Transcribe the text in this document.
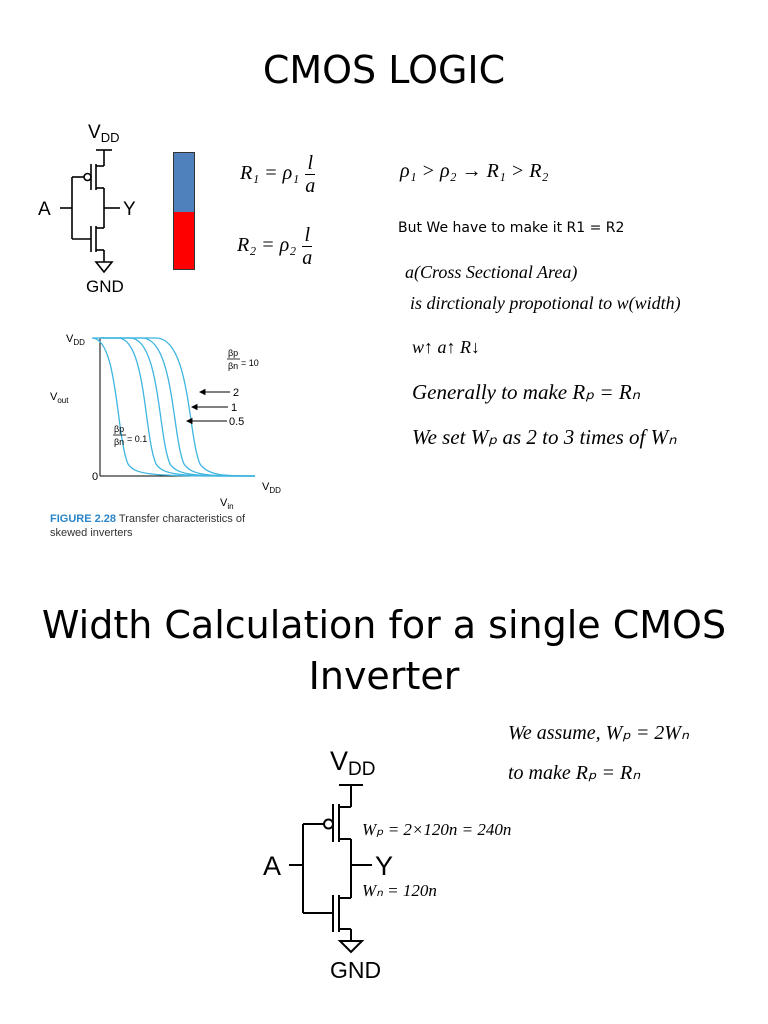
CMOS LOGIC
$V_{DD}$
A	Y
GND
$R_1 = \rho_1 \frac{l}{a}$
$R_2 = \rho_2 \frac{l}{a}$
ρ₁ > ρ₂ → R₁ > R₂
But We have to make it R1 = R2
a(Cross Sectional Area)
is dirctionaly propotional to w(width)
w↑ a↑ R↓
Generally to make Rₚ = Rₙ
We set Wₚ as 2 to 3 times of Wₙ
$V_{DD}$
$V_{out}$
0
$V_{DD}$
$V_{in}$
βp
βn = 10
2
1
0.5
βp
βn = 0.1
FIGURE 2.28 Transfer characteristics of
skewed inverters
Width Calculation for a single CMOS
Inverter
We assume, Wₚ = 2Wₙ
to make Rₚ = Rₙ
VDD
A	Y
GND
Wₚ = 2×120n = 240n
Wₙ = 120n
